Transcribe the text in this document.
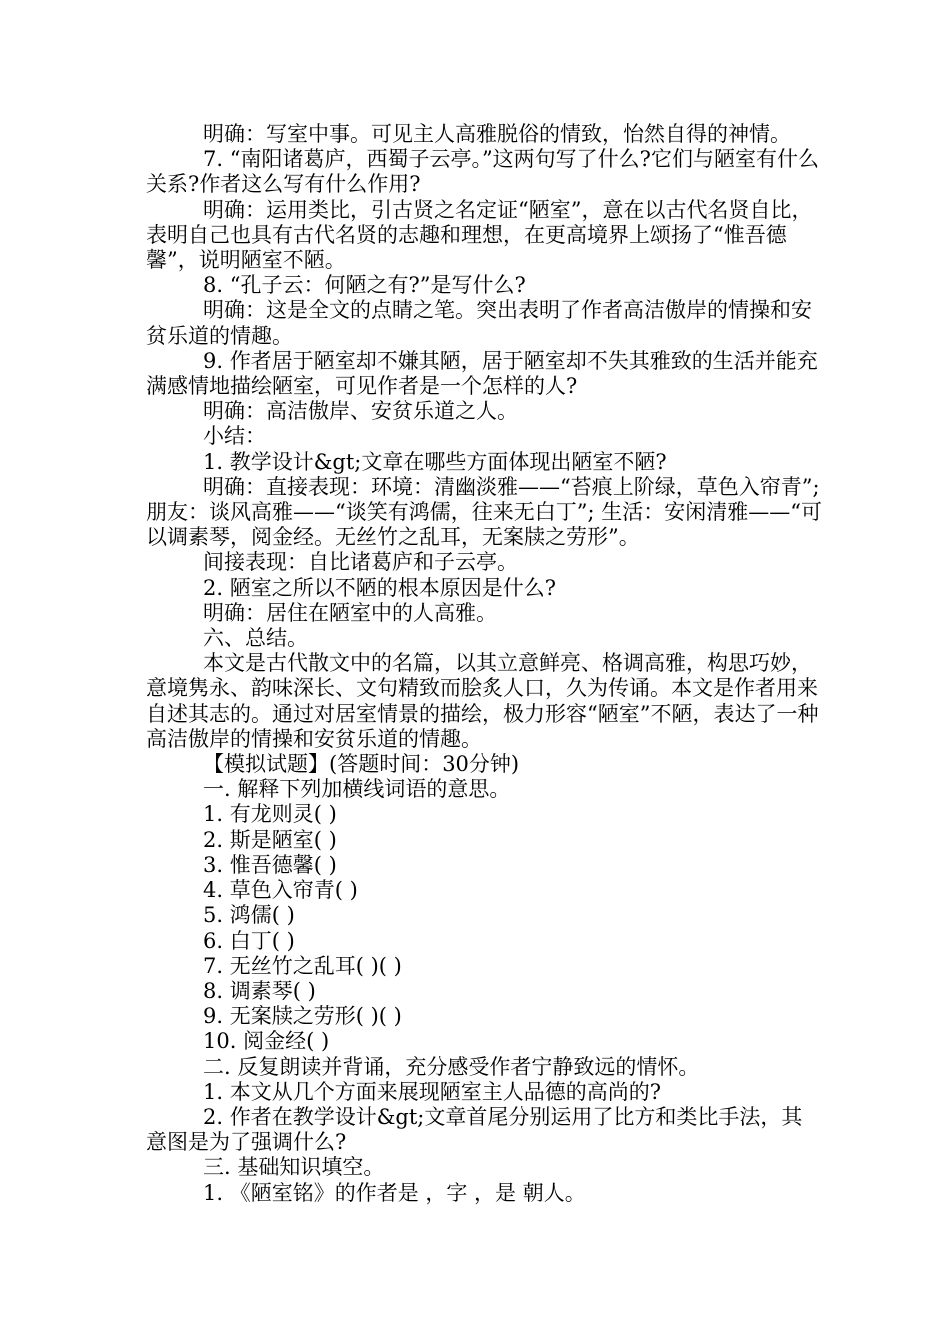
明确：写室中事。可见主人高雅脱俗的情致，怡然自得的神情。

7. “南阳诸葛庐，西蜀子云亭。”这两句写了什么?它们与陋室有什么关系?作者这么写有什么作用?

明确：运用类比，引古贤之名定证“陋室”，意在以古代名贤自比，表明自己也具有古代名贤的志趣和理想，在更高境界上颂扬了“惟吾德馨”，说明陋室不陋。

8. “孔子云：何陋之有?”是写什么?

明确：这是全文的点睛之笔。突出表明了作者高洁傲岸的情操和安贫乐道的情趣。

9. 作者居于陋室却不嫌其陋，居于陋室却不失其雅致的生活并能充满感情地描绘陋室，可见作者是一个怎样的人?

明确：高洁傲岸、安贫乐道之人。

小结：

1. 教学设计&gt;文章在哪些方面体现出陋室不陋?

明确：直接表现：环境：清幽淡雅——“苔痕上阶绿，草色入帘青”; 朋友：谈风高雅——“谈笑有鸿儒，往来无白丁”; 生活：安闲清雅——“可以调素琴，阅金经。无丝竹之乱耳，无案牍之劳形”。

间接表现：自比诸葛庐和子云亭。

2. 陋室之所以不陋的根本原因是什么?

明确：居住在陋室中的人高雅。

六、总结。

本文是古代散文中的名篇，以其立意鲜亮、格调高雅，构思巧妙，意境隽永、韵味深长、文句精致而脍炙人口，久为传诵。本文是作者用来自述其志的。通过对居室情景的描绘，极力形容“陋室”不陋，表达了一种高洁傲岸的情操和安贫乐道的情趣。

【模拟试题】(答题时间：30分钟)

一. 解释下列加横线词语的意思。

1. 有龙则灵( )

2. 斯是陋室( )

3. 惟吾德馨( )

4. 草色入帘青( )

5. 鸿儒( )

6. 白丁( )

7. 无丝竹之乱耳( )( )

8. 调素琴( )

9. 无案牍之劳形( )( )

10. 阅金经( )

二. 反复朗读并背诵，充分感受作者宁静致远的情怀。

1. 本文从几个方面来展现陋室主人品德的高尚的?

2. 作者在教学设计&gt;文章首尾分别运用了比方和类比手法，其意图是为了强调什么?

三. 基础知识填空。

1. 《陋室铭》的作者是 ，字 ，是 朝人。
